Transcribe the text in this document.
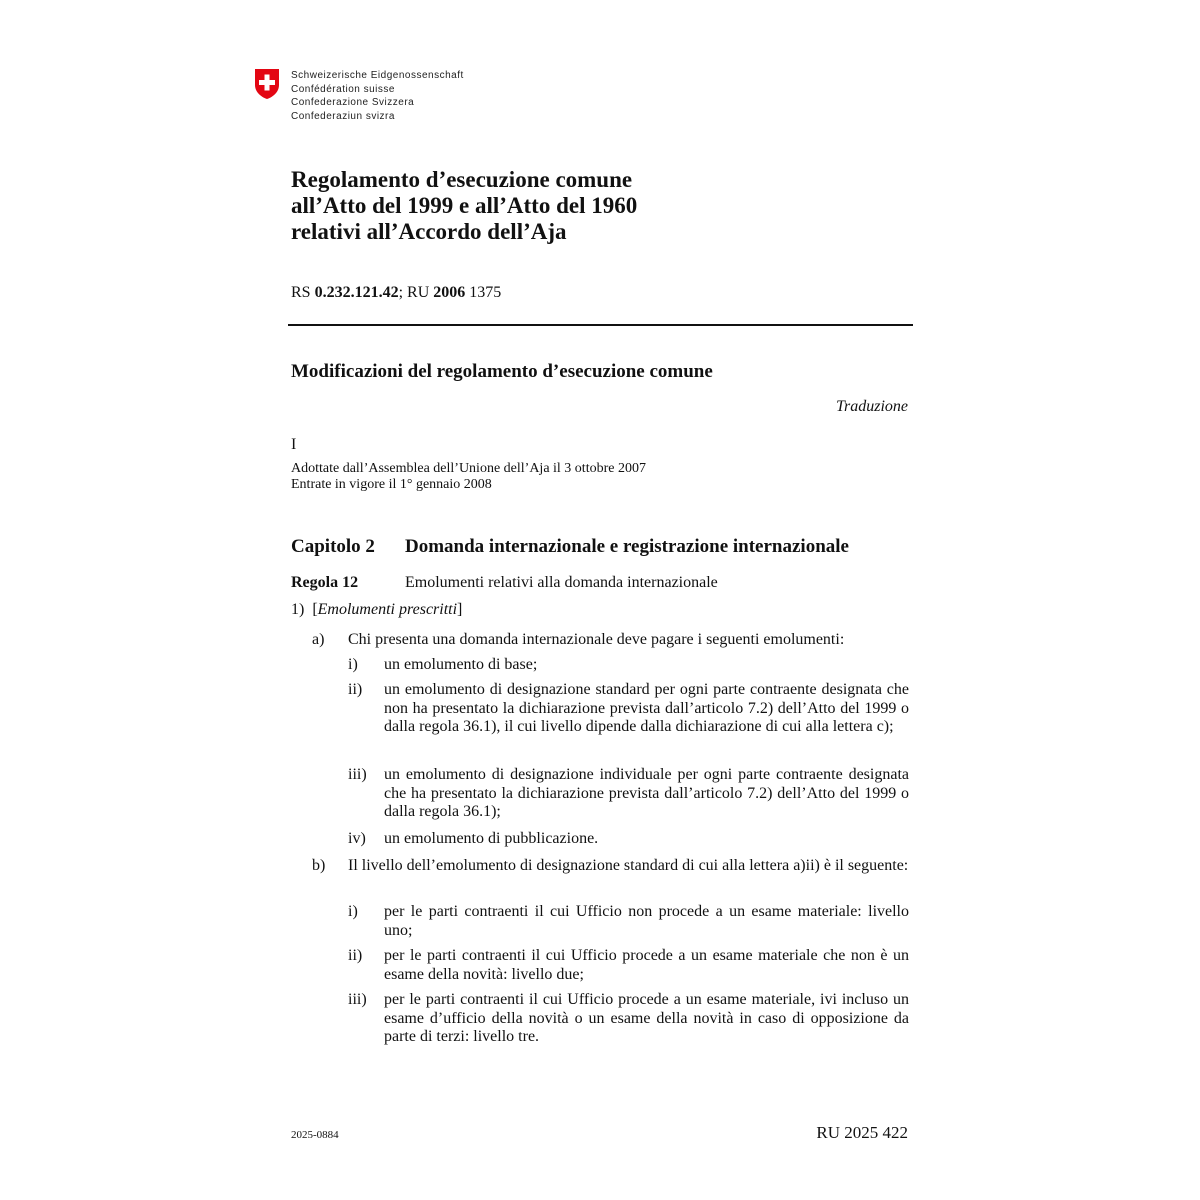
Schweizerische Eidgenossenschaft
Confédération suisse
Confederazione Svizzera
Confederaziun svizra
Regolamento d’esecuzione comune
all’Atto del 1999 e all’Atto del 1960
relativi all’Accordo dell’Aja
RS 0.232.121.42; RU 2006 1375
Modificazioni del regolamento d’esecuzione comune
Traduzione
I
Adottate dall’Assemblea dell’Unione dell’Aja il 3 ottobre 2007
Entrate in vigore il 1° gennaio 2008
Capitolo 2 Domanda internazionale e registrazione internazionale
Regola 12	Emolumenti relativi alla domanda internazionale
1) [Emolumenti prescritti]
a) Chi presenta una domanda internazionale deve pagare i seguenti emolumenti:
i) un emolumento di base;
ii) un emolumento di designazione standard per ogni parte contraente designata che non ha presentato la dichiarazione prevista dall’articolo 7.2) dell’Atto del 1999 o dalla regola 36.1), il cui livello dipende dalla dichiarazione di cui alla lettera c);
iii) un emolumento di designazione individuale per ogni parte contraente designata che ha presentato la dichiarazione prevista dall’articolo 7.2) dell’Atto del 1999 o dalla regola 36.1);
iv) un emolumento di pubblicazione.
b) Il livello dell’emolumento di designazione standard di cui alla lettera a)ii) è il seguente:
i) per le parti contraenti il cui Ufficio non procede a un esame materiale: livello uno;
ii) per le parti contraenti il cui Ufficio procede a un esame materiale che non è un esame della novità: livello due;
iii) per le parti contraenti il cui Ufficio procede a un esame materiale, ivi incluso un esame d’ufficio della novità o un esame della novità in caso di opposizione da parte di terzi: livello tre.
2025-0884	RU 2025 422
